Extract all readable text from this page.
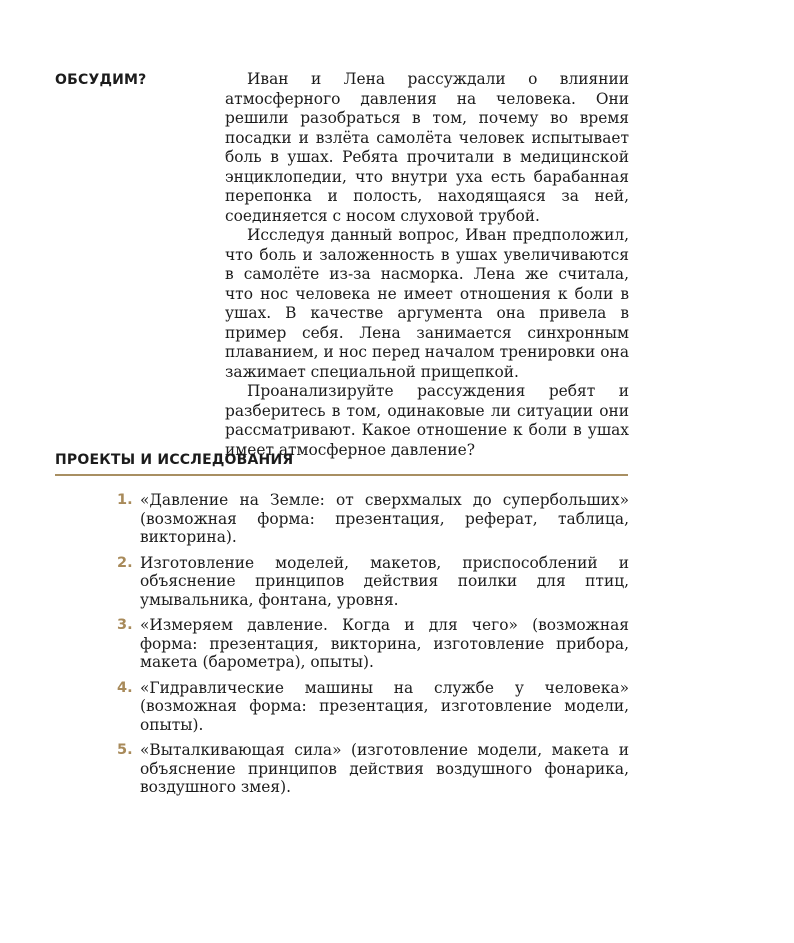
ОБСУДИМ?	Иван и Лена рассуждали о влиянии атмосферного давления на человека. Они решили разобраться в том, почему во время посадки и взлёта самолёта человек испытывает боль в ушах. Ребята прочитали в медицинской энциклопедии, что внутри уха есть барабанная перепонка и полость, находящаяся за ней, соединяется с носом слуховой трубой.

Исследуя данный вопрос, Иван предположил, что боль и заложенность в ушах увеличиваются в самолёте из-за насморка. Лена же считала, что нос человека не имеет отношения к боли в ушах. В качестве аргумента она привела в пример себя. Лена занимается синхронным плаванием, и нос перед началом тренировки она зажимает специальной прищепкой.

Проанализируйте рассуждения ребят и разберитесь в том, одинаковые ли ситуации они рассматривают. Какое отношение к боли в ушах имеет атмосферное давление?

ПРОЕКТЫ И ИССЛЕДОВАНИЯ
1. «Давление на Земле: от сверхмалых до супербольших» (возможная форма: презентация, реферат, таблица, викторина).
2. Изготовление моделей, макетов, приспособлений и объяснение принципов действия поилки для птиц, умывальника, фонтана, уровня.
3. «Измеряем давление. Когда и для чего» (возможная форма: презентация, викторина, изготовление прибора, макета (барометра), опыты).
4. «Гидравлические машины на службе у человека» (возможная форма: презентация, изготовление модели, опыты).
5. «Выталкивающая сила» (изготовление модели, макета и объяснение принципов действия воздушного фонарика, воздушного змея).
